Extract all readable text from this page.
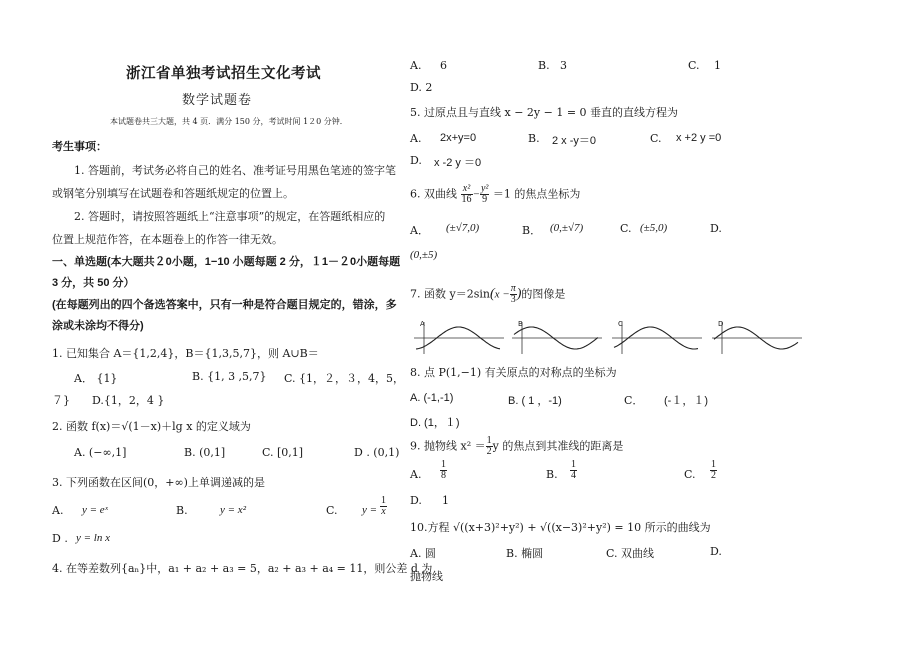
浙江省单独考试招生文化考试
数学试题卷
本试题卷共三大题，共 4 页．满分 150 分，考试时间 1２0 分钟．
考生事项：
1. 答题前，考试务必将自己的姓名、准考证号用黑色笔迹的签字笔
或钢笔分别填写在试题卷和答题纸规定的位置上。
2. 答题时，请按照答题纸上“注意事项”的规定，在答题纸相应的
位置上规范作答，在本题卷上的作答一律无效。
一、单选题(本大题共２0小题，1−10 小题每题 2 分，１1－２0小题每题
3 分，共 50 分）
(在每题列出的四个备选答案中，只有一种是符合题目规定的，错涂，多
涂或未涂均不得分)
1. 已知集合 A＝{1,2,4}，B＝{1,3,5,7}，则 A∪B＝
A． {1}	B. {1, 3 ,5,7} C. {1，２，３，4，5，
７} D.{1，2，4 }
2. 函数 f(x)＝√(1－x)＋lg x 的定义域为
A. (−∞,1]	B. (0,1]	C. [0,1]	D . (0,1)
3. 下列函数在区间(0，+∞)上单调递减的是
A. y = eˣ	B.	y = x²	C. $y = \frac{1}{x}$
D . y = ln x
4. 在等差数列{aₙ}中，a₁ + a₂ + a₃ = 5，a₂ + a₃ + a₄ = 11，则公差 d 为
A. 6	B. 3	C. 1
D. 2
5. 过原点且与直线 x − 2y − 1 = 0 垂直的直线方程为
A. 2x+y=0	B. 2 x -y＝0	C. x +2 y =0
D. x -2 y ＝0
6. 双曲线 $\frac{\text{x²}}{16} - \frac{\text{y²}}{9} =1$ 的焦点坐标为
A． (±√7,0)	B． (0,±√7)	C. (±5,0)	D.
(0,±5)
7. 函数 $y=2\sin(x - \frac{\pi}{3}$ )的图像是
A	B	C	D
8. 点 P(1,−1) 有关原点的对称点的坐标为
A. (-1,-1)	B. ( 1 ，-1)	C． (-１，１)
D. (1，１)
9. 抛物线 $x^2 = \frac{1}{2}$ y 的焦点到其准线的距离是
A. $\frac{1}{8}$	B. $\frac{1}{4}$	C. $\frac{1}{2}$
D. 1
10.方程 √((x+3)²+y²) + √((x−3)²+y²) = 10 所示的曲线为
A. 圆	B. 椭圆	C. 双曲线	D.
抛物线
